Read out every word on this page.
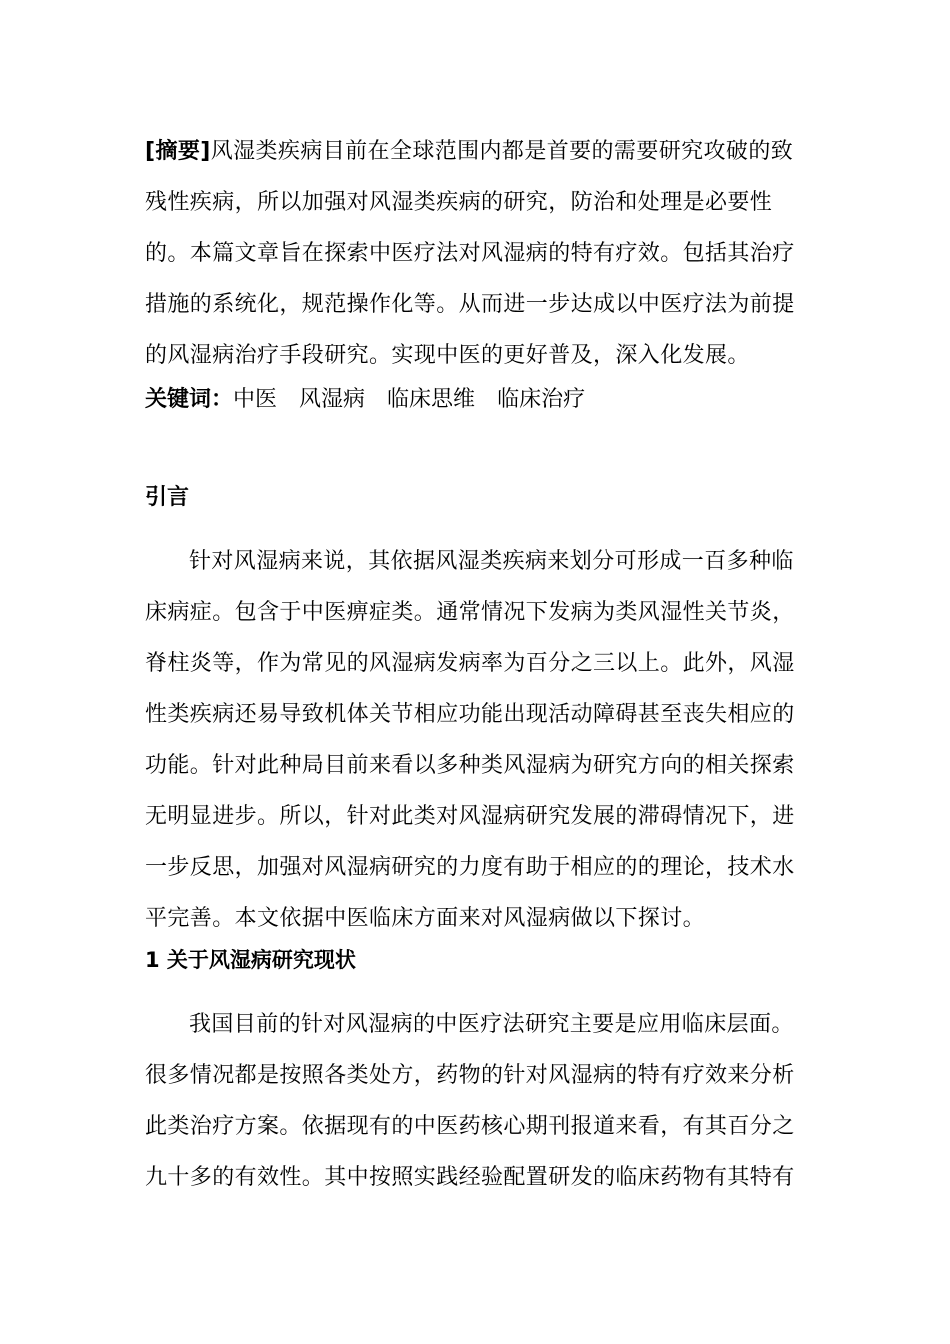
[摘要]风湿类疾病目前在全球范围内都是首要的需要研究攻破的致残性疾病，所以加强对风湿类疾病的研究，防治和处理是必要性的。本篇文章旨在探索中医疗法对风湿病的特有疗效。包括其治疗措施的系统化，规范操作化等。从而进一步达成以中医疗法为前提的风湿病治疗手段研究。实现中医的更好普及，深入化发展。

关键词：中医 风湿病 临床思维 临床治疗
引言

针对风湿病来说，其依据风湿类疾病来划分可形成一百多种临床病症。包含于中医痹症类。通常情况下发病为类风湿性关节炎，脊柱炎等，作为常见的风湿病发病率为百分之三以上。此外，风湿性类疾病还易导致机体关节相应功能出现活动障碍甚至丧失相应的功能。针对此种局目前来看以多种类风湿病为研究方向的相关探索无明显进步。所以，针对此类对风湿病研究发展的滞碍情况下，进一步反思，加强对风湿病研究的力度有助于相应的的理论，技术水平完善。本文依据中医临床方面来对风湿病做以下探讨。

1 关于风湿病研究现状

我国目前的针对风湿病的中医疗法研究主要是应用临床层面。很多情况都是按照各类处方，药物的针对风湿病的特有疗效来分析此类治疗方案。依据现有的中医药核心期刊报道来看，有其百分之九十多的有效性。其中按照实践经验配置研发的临床药物有其特有
